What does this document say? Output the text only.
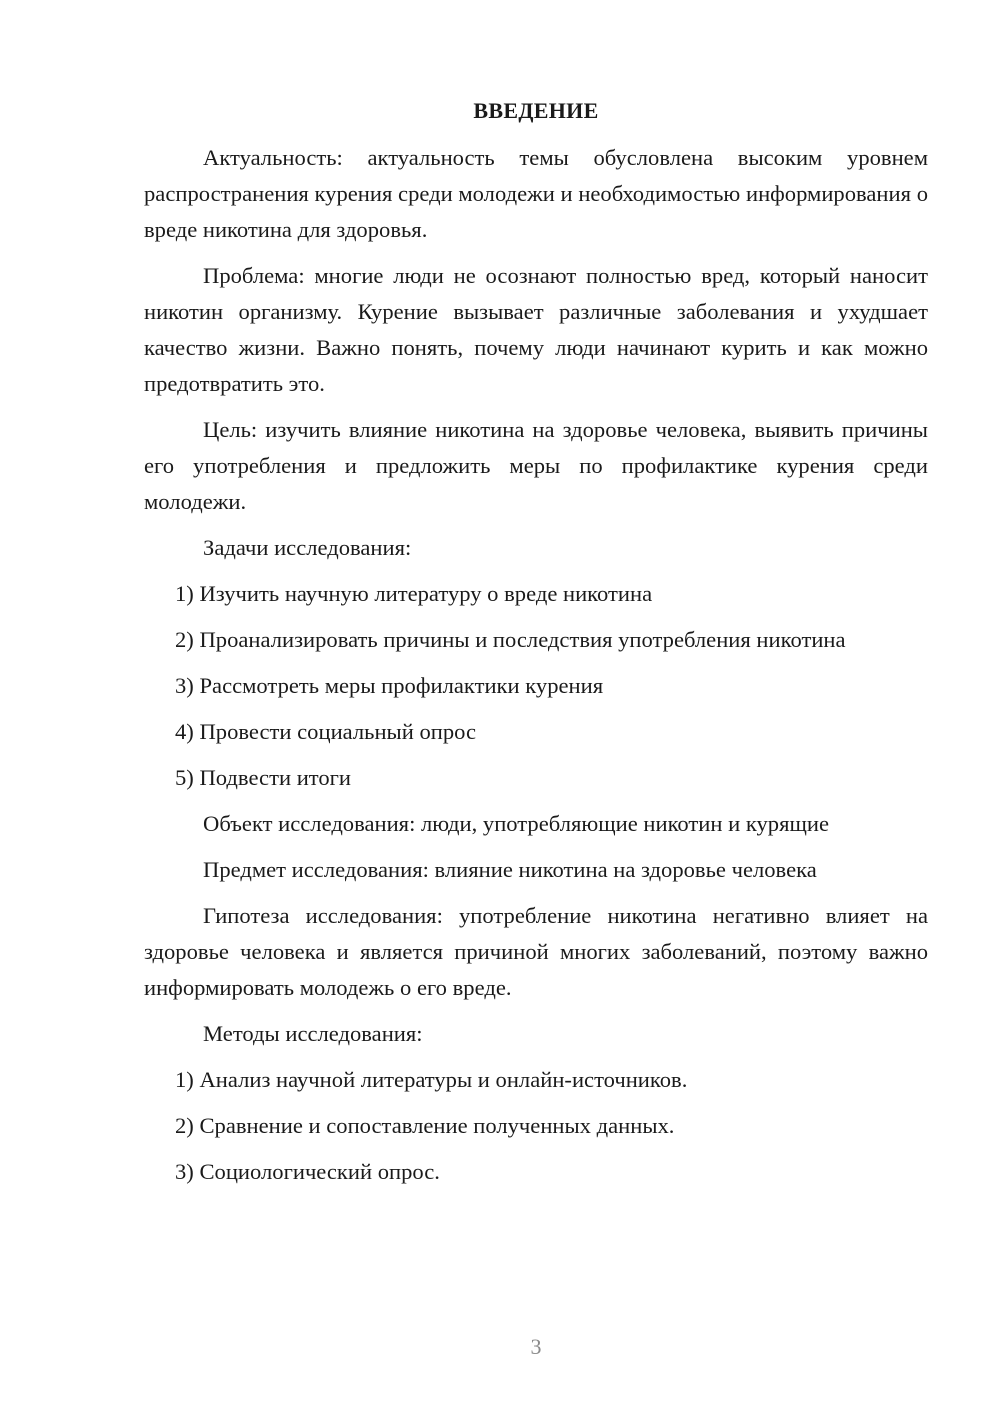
ВВЕДЕНИЕ

Актуальность: актуальность темы обусловлена высоким уровнем распространения курения среди молодежи и необходимостью информирования о вреде никотина для здоровья.

Проблема: многие люди не осознают полностью вред, который наносит никотин организму. Курение вызывает различные заболевания и ухудшает качество жизни. Важно понять, почему люди начинают курить и как можно предотвратить это.

Цель: изучить влияние никотина на здоровье человека, выявить причины его употребления и предложить меры по профилактике курения среди молодежи.

Задачи исследования:
1) Изучить научную литературу о вреде никотина
2) Проанализировать причины и последствия употребления никотина
3) Рассмотреть меры профилактики курения
4) Провести социальный опрос
5) Подвести итоги
Объект исследования: люди, употребляющие никотин и курящие
Предмет исследования: влияние никотина на здоровье человека

Гипотеза исследования: употребление никотина негативно влияет на здоровье человека и является причиной многих заболеваний, поэтому важно информировать молодежь о его вреде.

Методы исследования:
1) Анализ научной литературы и онлайн-источников.
2) Сравнение и сопоставление полученных данных.
3) Социологический опрос.
3
